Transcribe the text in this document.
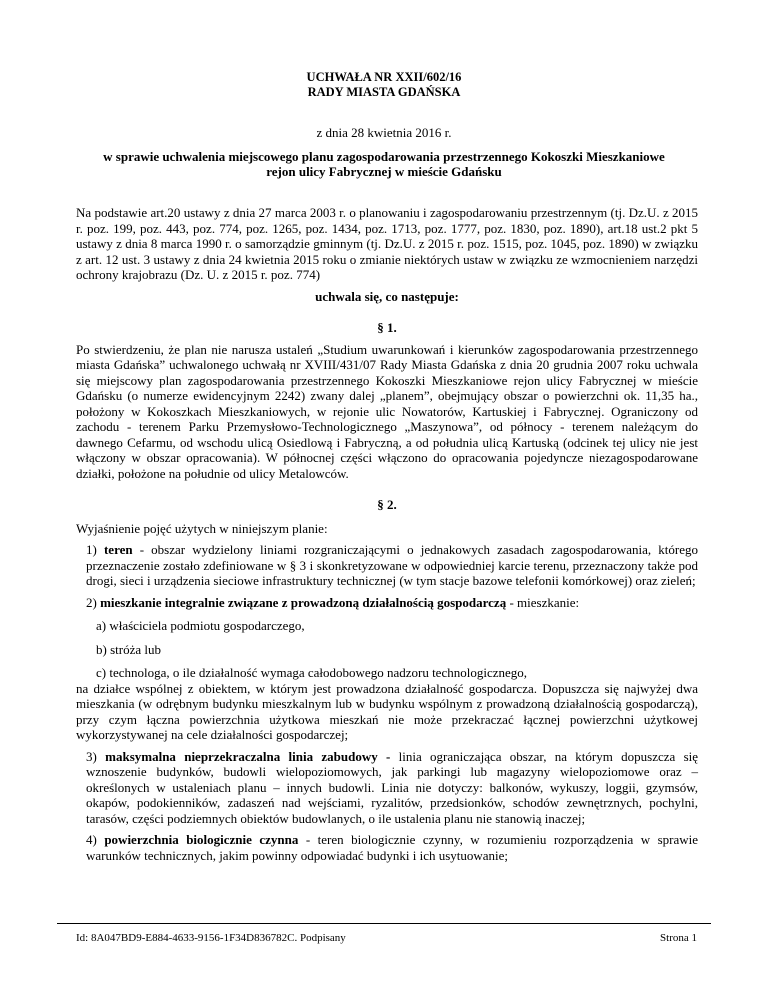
UCHWAŁA NR XXII/602/16
RADY MIASTA GDAŃSKA
z dnia 28 kwietnia 2016 r.
w sprawie uchwalenia miejscowego planu zagospodarowania przestrzennego Kokoszki Mieszkaniowe
rejon ulicy Fabrycznej w mieście Gdańsku

Na podstawie art.20 ustawy z dnia 27 marca 2003 r. o planowaniu i zagospodarowaniu przestrzennym (tj. Dz.U. z 2015 r. poz. 199, poz. 443, poz. 774, poz. 1265, poz. 1434, poz. 1713, poz. 1777, poz. 1830, poz. 1890), art.18 ust.2 pkt 5 ustawy z dnia 8 marca 1990 r. o samorządzie gminnym (tj. Dz.U. z 2015 r. poz. 1515, poz. 1045, poz. 1890) w związku z art. 12 ust. 3 ustawy z dnia 24 kwietnia 2015 roku o zmianie niektórych ustaw w związku ze wzmocnieniem narzędzi ochrony krajobrazu (Dz. U. z 2015 r. poz. 774)

uchwala się, co następuje:

§ 1.

Po stwierdzeniu, że plan nie narusza ustaleń „Studium uwarunkowań i kierunków zagospodarowania przestrzennego miasta Gdańska” uchwalonego uchwałą nr XVIII/431/07 Rady Miasta Gdańska z dnia 20 grudnia 2007 roku uchwala się miejscowy plan zagospodarowania przestrzennego Kokoszki Mieszkaniowe rejon ulicy Fabrycznej w mieście Gdańsku (o numerze ewidencyjnym 2242) zwany dalej „planem”, obejmujący obszar o powierzchni ok. 11,35 ha., położony w Kokoszkach Mieszkaniowych, w rejonie ulic Nowatorów, Kartuskiej i Fabrycznej. Ograniczony od zachodu - terenem Parku Przemysłowo-Technologicznego „Maszynowa”, od północy - terenem należącym do dawnego Cefarmu, od wschodu ulicą Osiedlową i Fabryczną, a od południa ulicą Kartuską (odcinek tej ulicy nie jest włączony w obszar opracowania). W północnej części włączono do opracowania pojedyncze niezagospodarowane działki, położone na południe od ulicy Metalowców.

§ 2.

Wyjaśnienie pojęć użytych w niniejszym planie:

1) teren - obszar wydzielony liniami rozgraniczającymi o jednakowych zasadach zagospodarowania, którego przeznaczenie zostało zdefiniowane w § 3 i skonkretyzowane w odpowiedniej karcie terenu, przeznaczony także pod drogi, sieci i urządzenia sieciowe infrastruktury technicznej (w tym stacje bazowe telefonii komórkowej) oraz zieleń;

2) mieszkanie integralnie związane z prowadzoną działalnością gospodarczą - mieszkanie:

a) właściciela podmiotu gospodarczego,

b) stróża lub

c) technologa, o ile działalność wymaga całodobowego nadzoru technologicznego,

na działce wspólnej z obiektem, w którym jest prowadzona działalność gospodarcza. Dopuszcza się najwyżej dwa mieszkania (w odrębnym budynku mieszkalnym lub w budynku wspólnym z prowadzoną działalnością gospodarczą), przy czym łączna powierzchnia użytkowa mieszkań nie może przekraczać łącznej powierzchni użytkowej wykorzystywanej na cele działalności gospodarczej;

3) maksymalna nieprzekraczalna linia zabudowy - linia ograniczająca obszar, na którym dopuszcza się wznoszenie budynków, budowli wielopoziomowych, jak parkingi lub magazyny wielopoziomowe oraz – określonych w ustaleniach planu – innych budowli. Linia nie dotyczy: balkonów, wykuszy, loggii, gzymsów, okapów, podokienników, zadaszeń nad wejściami, ryzalitów, przedsionków, schodów zewnętrznych, pochylni, tarasów, części podziemnych obiektów budowlanych, o ile ustalenia planu nie stanowią inaczej;

4) powierzchnia biologicznie czynna - teren biologicznie czynny, w rozumieniu rozporządzenia w sprawie warunków technicznych, jakim powinny odpowiadać budynki i ich usytuowanie;

Id: 8A047BD9-E884-4633-9156-1F34D836782C. Podpisany	Strona 1
